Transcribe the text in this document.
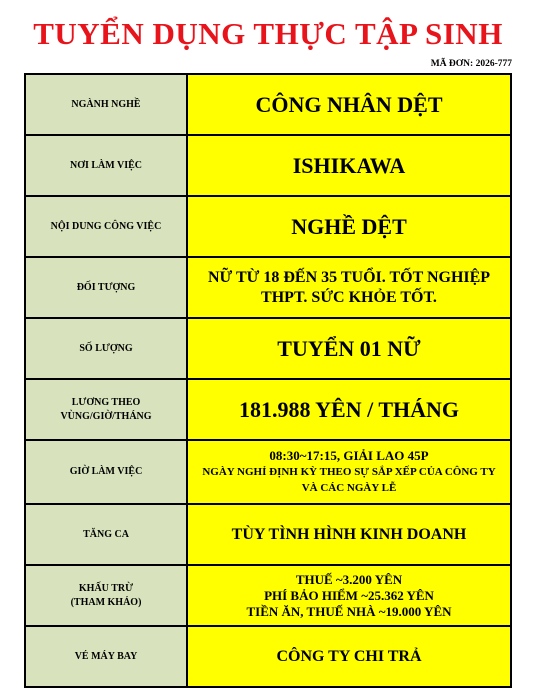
TUYỂN DỤNG THỰC TẬP SINH
MÃ ĐƠN: 2026-777
NGÀNH NGHỀ	CÔNG NHÂN DỆT
NƠI LÀM VIỆC	ISHIKAWA
NỘI DUNG CÔNG VIỆC	NGHỀ DỆT
ĐỐI TƯỢNG	NỮ TỪ 18 ĐẾN 35 TUỔI. TỐT NGHIỆP
THPT. SỨC KHỎE TỐT.

SỐ LƯỢNG	TUYỂN 01 NỮ

LƯƠNG THEO
VÙNG/GIỜ/THÁNG	181.988 YÊN / THÁNG
GIỜ LÀM VIỆC	08:30~17:15, GIẢI LAO 45P
NGÀY NGHỈ ĐỊNH KỲ THEO SỰ SẮP XẾP CỦA CÔNG TY
VÀ CÁC NGÀY LỄ

TĂNG CA	TÙY TÌNH HÌNH KINH DOANH

KHẤU TRỪ
(THAM KHẢO)	THUẾ ~3.200 YÊN
PHÍ BẢO HIỂM ~25.362 YÊN
TIỀN ĂN, THUẾ NHÀ ~19.000 YÊN

VÉ MÁY BAY	CÔNG TY CHI TRẢ
